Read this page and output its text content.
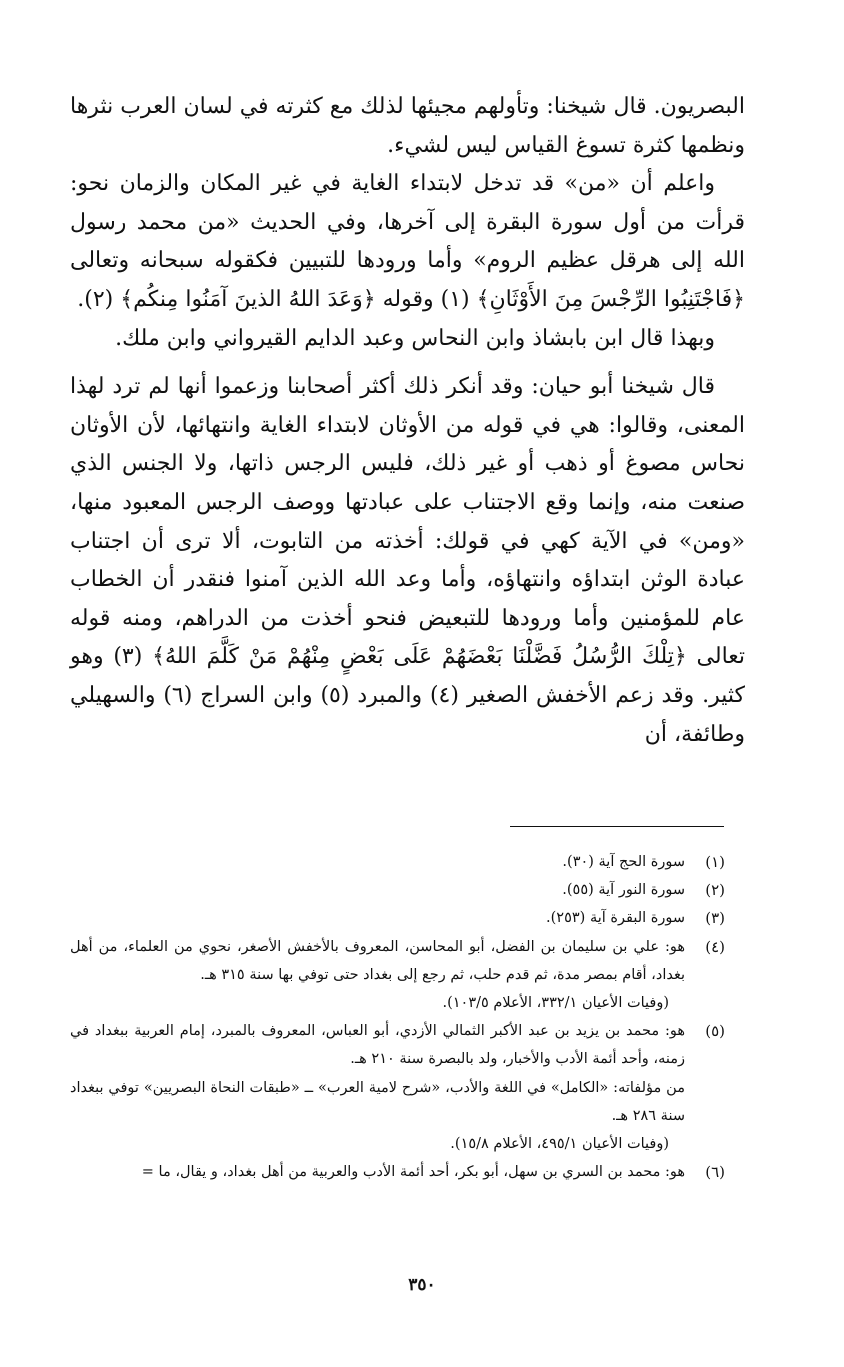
البصريون. قال شيخنا: وتأولهم مجيئها لذلك مع كثرته في لسان العرب نثرها ونظمها كثرة تسوغ القياس ليس لشيء.

واعلم أن «من» قد تدخل لابتداء الغاية في غير المكان والزمان نحو: قرأت من أول سورة البقرة إلى آخرها، وفي الحديث «من محمد رسول الله إلى هرقل عظيم الروم» وأما ورودها للتبيين فكقوله سبحانه وتعالى ﴿فَاجْتَنِبُوا الرِّجْسَ مِنَ الأَوْثَانِ﴾ (١) وقوله ﴿وَعَدَ اللهُ الذينَ آمَنُوا مِنكُم﴾ (٢).

وبهذا قال ابن بابشاذ وابن النحاس وعبد الدايم القيرواني وابن ملك.

قال شيخنا أبو حيان: وقد أنكر ذلك أكثر أصحابنا وزعموا أنها لم ترد لهذا المعنى، وقالوا: هي في قوله من الأوثان لابتداء الغاية وانتهائها، لأن الأوثان نحاس مصوغ أو ذهب أو غير ذلك، فليس الرجس ذاتها، ولا الجنس الذي صنعت منه، وإنما وقع الاجتناب على عبادتها ووصف الرجس المعبود منها، «ومن» في الآية كهي في قولك: أخذته من التابوت، ألا ترى أن اجتناب عبادة الوثن ابتداؤه وانتهاؤه، وأما وعد الله الذين آمنوا فنقدر أن الخطاب عام للمؤمنين وأما ورودها للتبعيض فنحو أخذت من الدراهم، ومنه قوله تعالى ﴿تِلْكَ الرُّسُلُ فَضَّلْنَا بَعْضَهُمْ عَلَى بَعْضٍ مِنْهُمْ مَنْ كَلَّمَ اللهُ﴾ (٣) وهو كثير. وقد زعم الأخفش الصغير (٤) والمبرد (٥) وابن السراج (٦) والسهيلي وطائفة، أن

(١)
سورة الحج آية (٣٠).
(٢)
سورة النور آية (٥٥).
(٣)
سورة البقرة آية (٢٥٣).
(٤)
هو: علي بن سليمان بن الفضل، أبو المحاسن، المعروف بالأخفش الأصغر، نحوي من العلماء، من أهل بغداد، أقام بمصر مدة، ثم قدم حلب، ثم رجع إلى بغداد حتى توفي بها سنة ٣١٥ هـ.
(وفيات الأعيان ٣٣٢/١، الأعلام ١٠٣/٥).
(٥)
هو: محمد بن يزيد بن عبد الأكبر الثمالي الأزدي، أبو العباس، المعروف بالمبرد، إمام العربية ببغداد في زمنه، وأحد أئمة الأدب والأخبار، ولد بالبصرة سنة ٢١٠ هـ.
من مؤلفاته: «الكامل» في اللغة والأدب، «شرح لامية العرب» ــ «طبقات النحاة البصريين» توفي ببغداد سنة ٢٨٦ هـ.
(وفيات الأعيان ٤٩٥/١، الأعلام ١٥/٨).
(٦)
هو: محمد بن السري بن سهل، أبو بكر، أحد أئمة الأدب والعربية من أهل بغداد، و يقال، ما =
٣٥٠
